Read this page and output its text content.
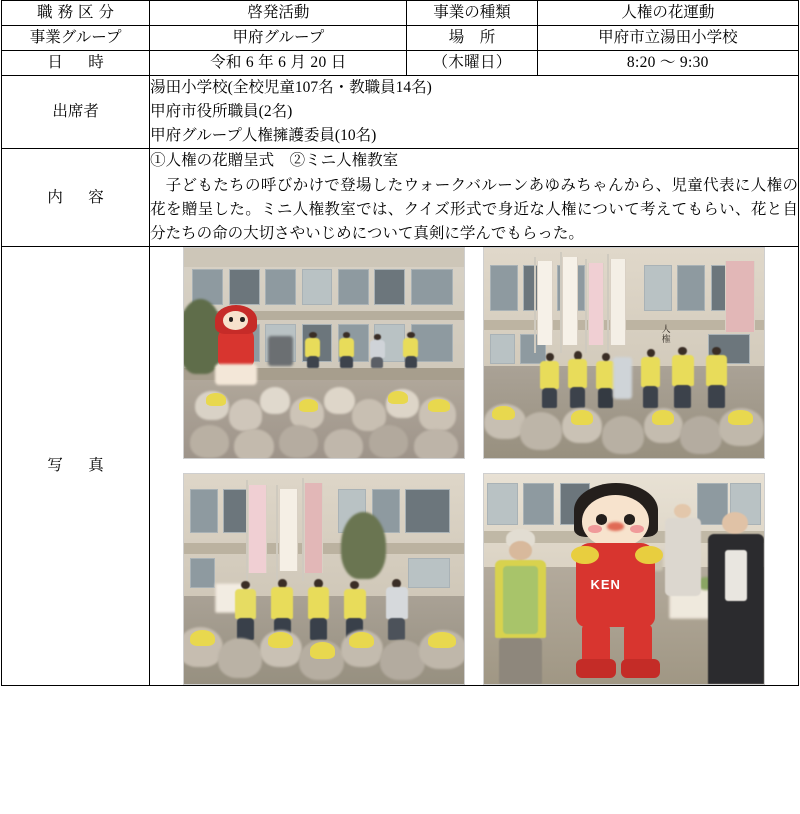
職務区分	啓発活動	事業の種類	人権の花運動
事業グループ	甲府グループ	場　所	甲府市立湯田小学校
日　時	令和 6 年 6 月 20 日	（木曜日）	8:20 ～ 9:30
出席者	湯田小学校(全校児童107名・教職員14名)
甲府市役所職員(2名)
甲府グループ人権擁護委員(10名)		

内　容	①人権の花贈呈式　②ミニ人権教室
子どもたちの呼びかけで登場したウォークバルーンあゆみちゃんから、児童代表に人権の花を贈呈した。ミニ人権教室では、クイズ形式で身近な人権について考えてもらい、花と自分たちの命の大切さやいじめについて真剣に学んでもらった。		

写　真	人権
KEN		
